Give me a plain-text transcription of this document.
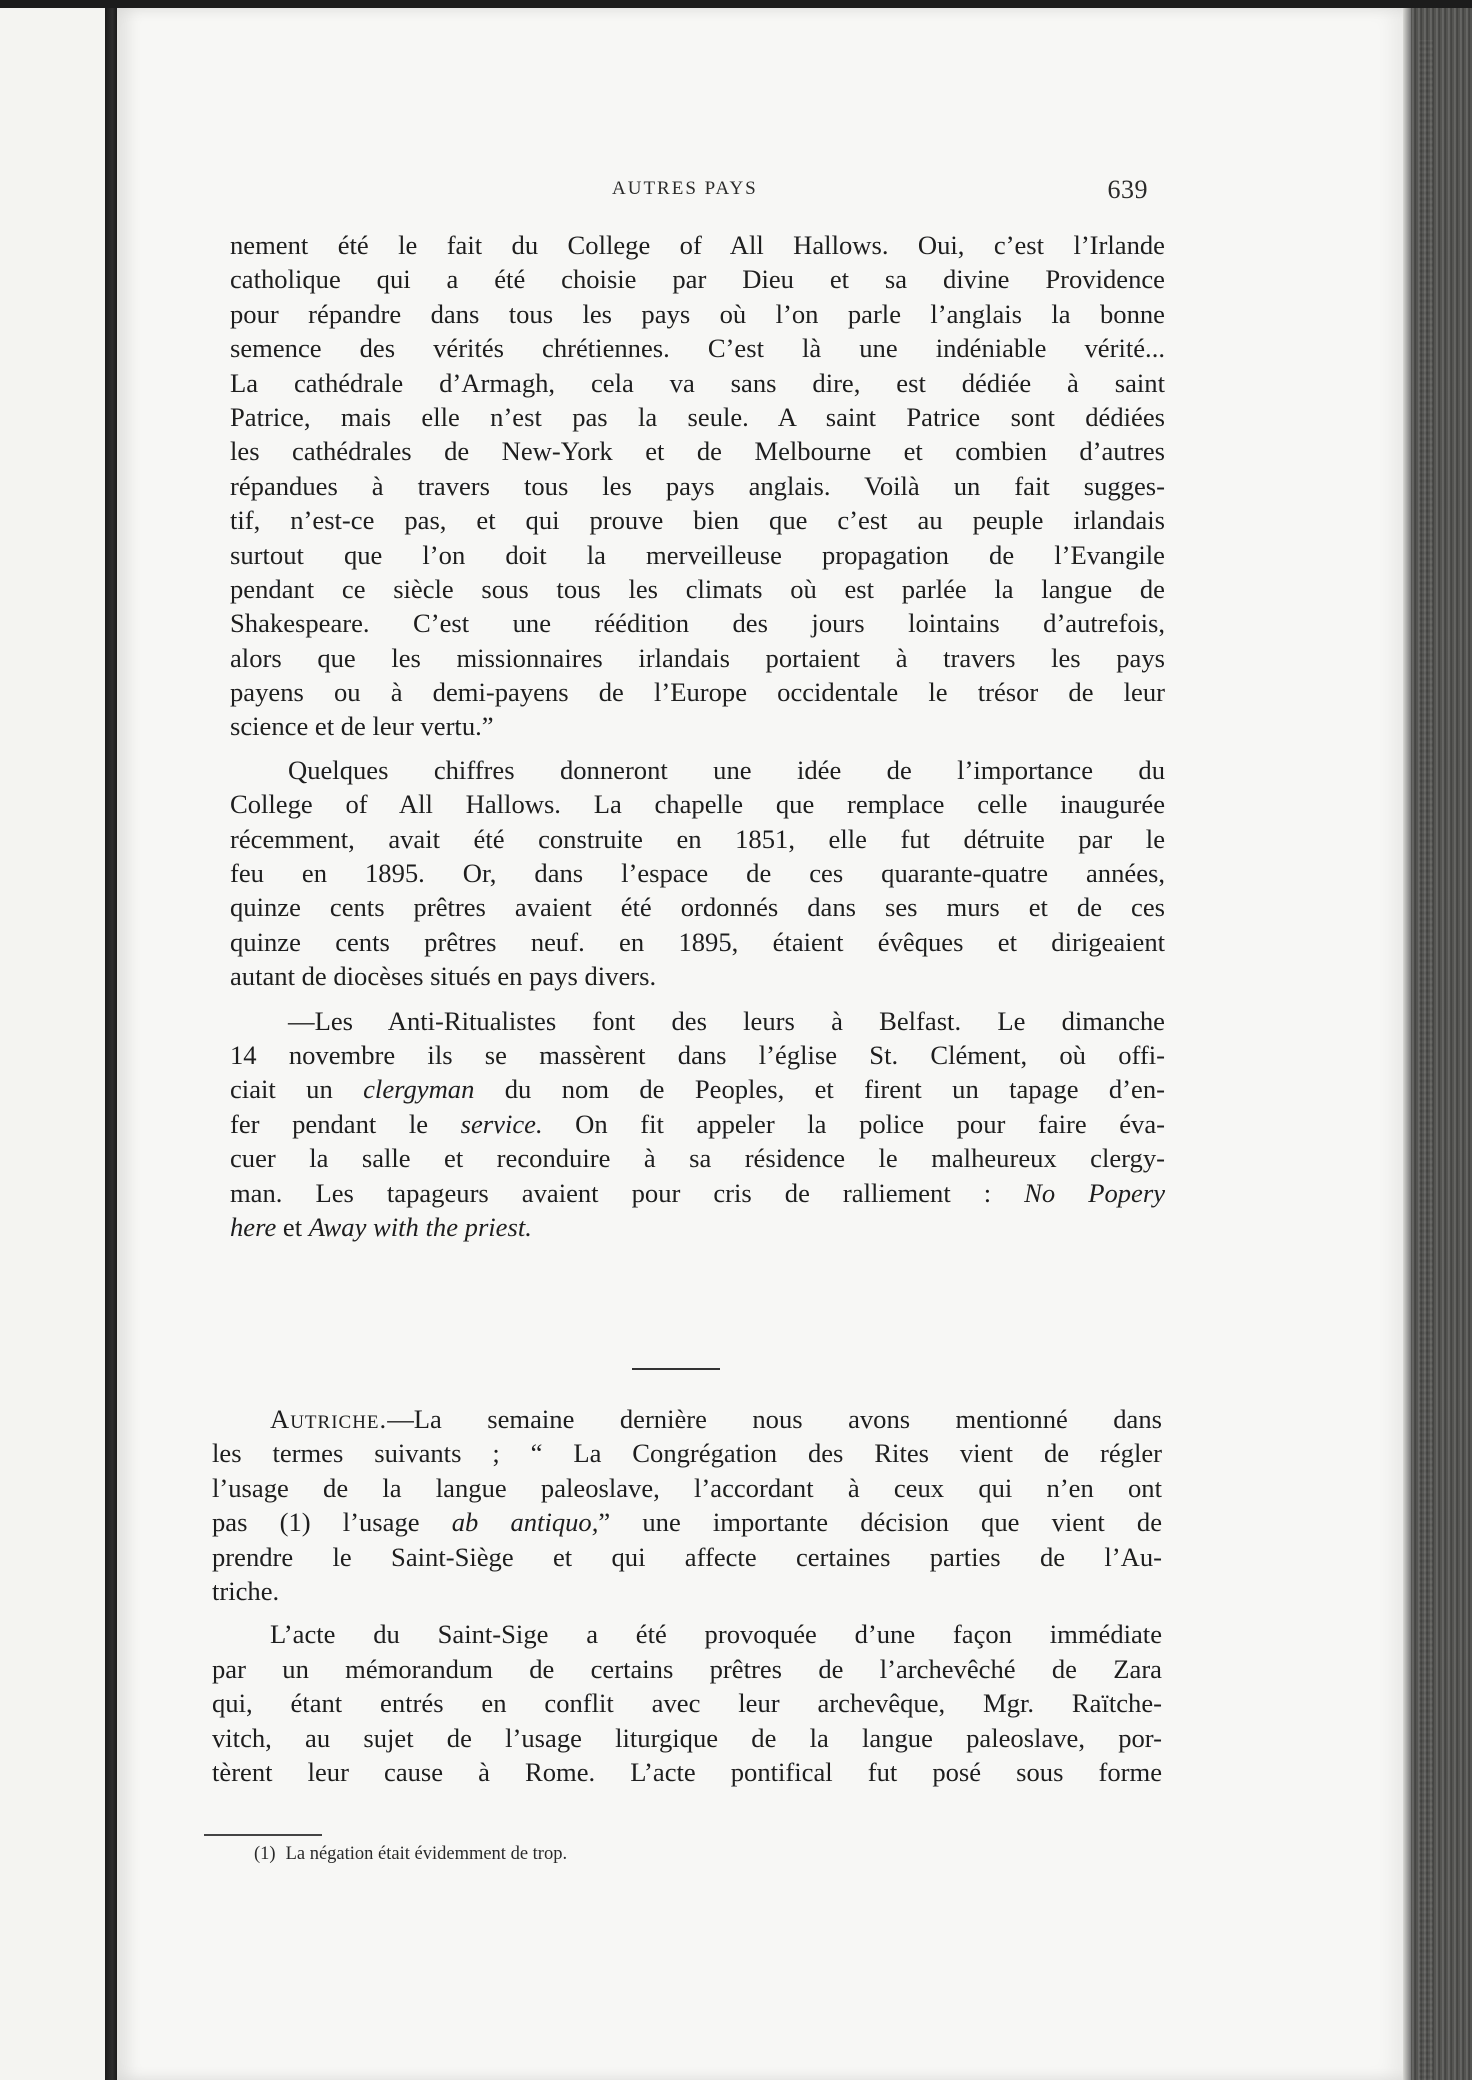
AUTRES PAYS	639
nement été le fait du College of All Hallows. Oui, c’est l’Irlande
catholique qui a été choisie par Dieu et sa divine Providence
pour répandre dans tous les pays où l’on parle l’anglais la bonne
semence des vérités chrétiennes. C’est là une indéniable vérité...
La cathédrale d’Armagh, cela va sans dire, est dédiée à saint
Patrice, mais elle n’est pas la seule. A saint Patrice sont dédiées
les cathédrales de New-York et de Melbourne et combien d’autres
répandues à travers tous les pays anglais. Voilà un fait sugges-
tif, n’est-ce pas, et qui prouve bien que c’est au peuple irlandais
surtout que l’on doit la merveilleuse propagation de l’Evangile
pendant ce siècle sous tous les climats où est parlée la langue de
Shakespeare. C’est une réédition des jours lointains d’autrefois,
alors que les missionnaires irlandais portaient à travers les pays
payens ou à demi-payens de l’Europe occidentale le trésor de leur
science et de leur vertu.”
Quelques chiffres donneront une idée de l’importance du
College of All Hallows. La chapelle que remplace celle inaugurée
récemment, avait été construite en 1851, elle fut détruite par le
feu en 1895. Or, dans l’espace de ces quarante-quatre années,
quinze cents prêtres avaient été ordonnés dans ses murs et de ces
quinze cents prêtres neuf. en 1895, étaient évêques et dirigeaient
autant de diocèses situés en pays divers.
—Les Anti-Ritualistes font des leurs à Belfast. Le dimanche
14 novembre ils se massèrent dans l’église St. Clément, où offi-
ciait un clergyman du nom de Peoples, et firent un tapage d’en-
fer pendant le service. On fit appeler la police pour faire éva-
cuer la salle et reconduire à sa résidence le malheureux clergy-
man. Les tapageurs avaient pour cris de ralliement : No Popery
here et Away with the priest.
Autriche.—La semaine dernière nous avons mentionné dans
les termes suivants ; “ La Congrégation des Rites vient de régler
l’usage de la langue paleoslave, l’accordant à ceux qui n’en ont
pas (1) l’usage ab antiquo,” une importante décision que vient de
prendre le Saint-Siège et qui affecte certaines parties de l’Au-
triche.
L’acte du Saint-Sige a été provoquée d’une façon immédiate
par un mémorandum de certains prêtres de l’archevêché de Zara
qui, étant entrés en conflit avec leur archevêque, Mgr. Raïtche-
vitch, au sujet de l’usage liturgique de la langue paleoslave, por-
tèrent leur cause à Rome. L’acte pontifical fut posé sous forme
(1) La négation était évidemment de trop.
